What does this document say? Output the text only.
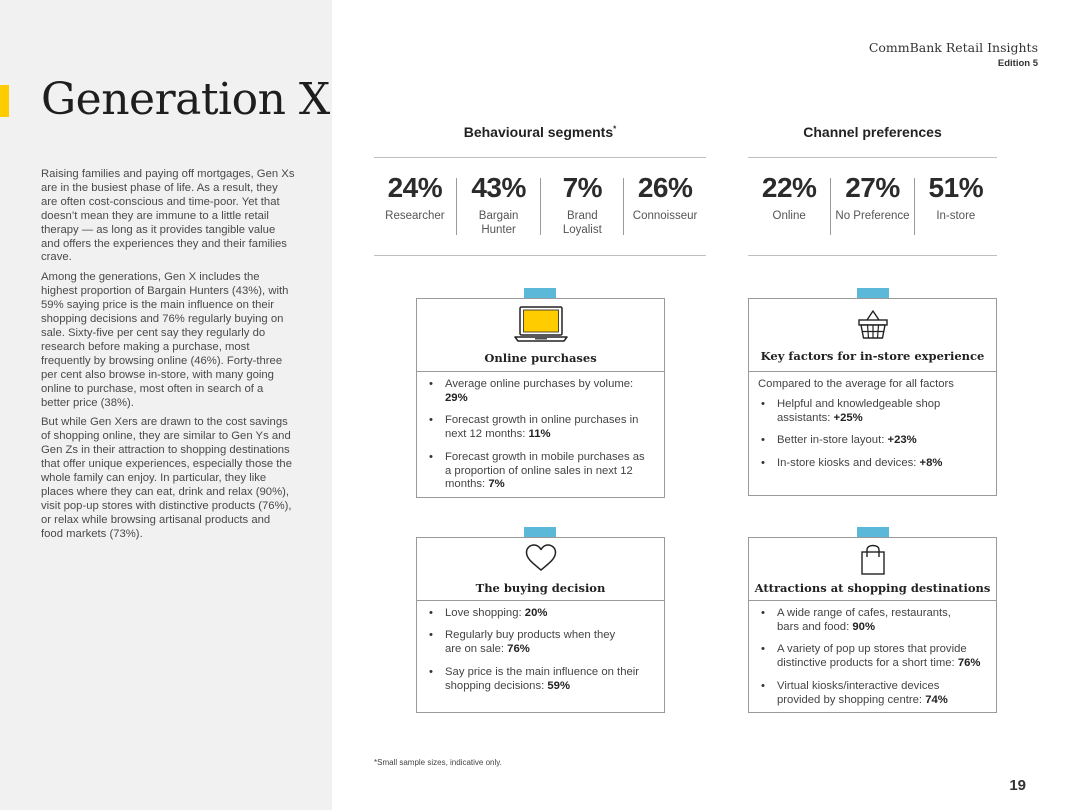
Generation X

Raising families and paying off mortgages, Gen Xs are in the busiest phase of life. As a result, they are often cost-conscious and time-poor. Yet that doesn’t mean they are immune to a little retail therapy — as long as it provides tangible value and offers the experiences they and their families crave.

Among the generations, Gen X includes the highest proportion of Bargain Hunters (43%), with 59% saying price is the main influence on their shopping decisions and 76% regularly buying on sale. Sixty-five per cent say they regularly do research before making a purchase, most frequently by browsing online (46%). Forty-three per cent also browse in-store, with many going online to purchase, most often in search of a better price (38%).

But while Gen Xers are drawn to the cost savings of shopping online, they are similar to Gen Ys and Gen Zs in their attraction to shopping destinations that offer unique experiences, especially those the whole family can enjoy. In particular, they like places where they can eat, drink and relax (90%), visit pop-up stores with distinctive products (76%), or relax while browsing artisanal products and food markets (73%).

CommBank Retail Insights
Edition 5
Behavioural segments*
24%
Researcher
43%
Bargain Hunter
7%
Brand Loyalist
26%
Connoisseur
Channel preferences
22%
Online
27%
No Preference
51%
In-store
Online purchases
• Average online purchases by volume: 29%
• Forecast growth in online purchases in next 12 months: 11%
• Forecast growth in mobile purchases as a proportion of online sales in next 12 months: 7%
Key factors for in-store experience
Compared to the average for all factors
• Helpful and knowledgeable shop assistants: +25%
• Better in-store layout: +23%
• In-store kiosks and devices: +8%
The buying decision
• Love shopping: 20%
• Regularly buy products when they are on sale: 76%
• Say price is the main influence on their shopping decisions: 59%
Attractions at shopping destinations
• A wide range of cafes, restaurants, bars and food: 90%
• A variety of pop up stores that provide distinctive products for a short time: 76%
• Virtual kiosks/interactive devices provided by shopping centre: 74%
*Small sample sizes, indicative only.
19
